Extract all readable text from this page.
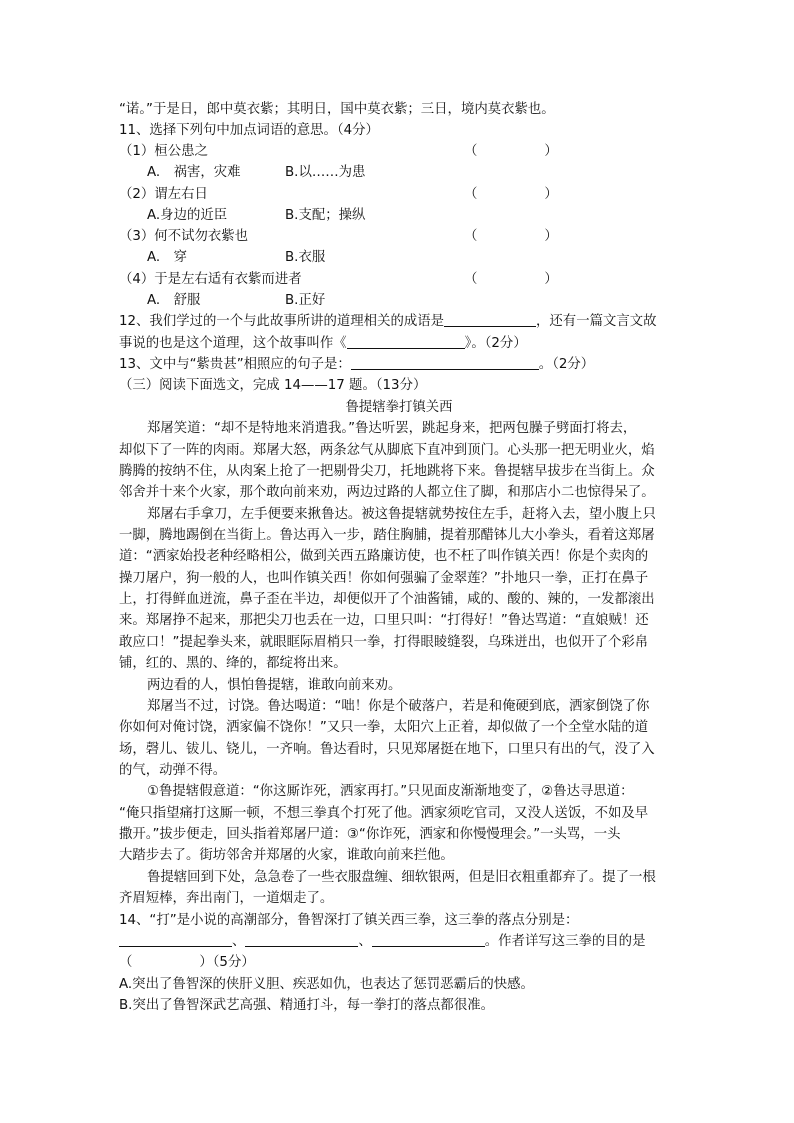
“诺。”于是日，郎中莫衣紫；其明日，国中莫衣紫；三日，境内莫衣紫也。
11、选择下列句中加点词语的意思。（4分）
（1）桓公患之	（　　　　　）
A.　祸害，灾难	B.以……为患
（2）谓左右日	（　　　　　）
A.身边的近臣	B.支配；操纵
（3）何不试勿衣紫也	（　　　　　）
A.　穿	B.衣服
（4）于是左右适有衣紫而进者	（　　　　　）
A.　舒服	B.正好
12、我们学过的一个与此故事所讲的道理相关的成语是	，还有一篇文言文故
事说的也是这个道理，这个故事叫作《	》。（2分）
13、文中与“紫贵甚”相照应的句子是：	。（2分）
（三）阅读下面选文，完成 14——17 题。（13分）
鲁提辖拳打镇关西
郑屠笑道：“却不是特地来消遣我。”鲁达听罢，跳起身来，把两包臊子劈面打将去，
却似下了一阵的肉雨。郑屠大怒，两条忿气从脚底下直冲到顶门。心头那一把无明业火，焰
腾腾的按纳不住，从肉案上抢了一把剔骨尖刀，托地跳将下来。鲁提辖早拔步在当街上。众
邻舍并十来个火家，那个敢向前来劝，两边过路的人都立住了脚，和那店小二也惊得呆了。
郑屠右手拿刀，左手便要来揪鲁达。被这鲁提辖就势按住左手，赶将入去，望小腹上只
一脚，腾地踢倒在当街上。鲁达再入一步，踏住胸脯，提着那醋钵儿大小拳头，看着这郑屠
道：“洒家始投老种经略相公，做到关西五路廉访使，也不枉了叫作镇关西！你是个卖肉的
操刀屠户，狗一般的人，也叫作镇关西！你如何强骗了金翠莲？”扑地只一拳，正打在鼻子
上，打得鲜血迸流，鼻子歪在半边，却便似开了个油酱铺，咸的、酸的、辣的，一发都滚出
来。郑屠挣不起来，那把尖刀也丢在一边，口里只叫：“打得好！”鲁达骂道：“直娘贼！还
敢应口！”提起拳头来，就眼眶际眉梢只一拳，打得眼睖缝裂，乌珠迸出，也似开了个彩帛
铺，红的、黑的、绛的，都绽将出来。
两边看的人，惧怕鲁提辖，谁敢向前来劝。
郑屠当不过，讨饶。鲁达喝道：“咄！你是个破落户，若是和俺硬到底，洒家倒饶了你
你如何对俺讨饶，洒家偏不饶你！”又只一拳，太阳穴上正着，却似做了一个全堂水陆的道
场，磬儿、钹儿、铙儿，一齐响。鲁达看时，只见郑屠挺在地下，口里只有出的气，没了入
的气，动弹不得。
①鲁提辖假意道：“你这厮诈死，洒家再打。”只见面皮渐渐地变了，②鲁达寻思道：
“俺只指望痛打这厮一顿，不想三拳真个打死了他。洒家须吃官司，又没人送饭，不如及早
撒开。”拔步便走，回头指着郑屠尸道：③“你诈死，洒家和你慢慢理会。”一头骂，一头
大踏步去了。街坊邻舍并郑屠的火家，谁敢向前来拦他。
鲁提辖回到下处，急急卷了一些衣服盘缠、细软银两，但是旧衣粗重都弃了。提了一根
齐眉短棒，奔出南门，一道烟走了。
14、“打”是小说的高潮部分，鲁智深打了镇关西三拳，这三拳的落点分别是：
、	、	。作者详写这三拳的目的是
（　　　　　）（5分）
A.突出了鲁智深的侠肝义胆、疾恶如仇，也表达了惩罚恶霸后的快感。
B.突出了鲁智深武艺高强、精通打斗，每一拳打的落点都很准。
